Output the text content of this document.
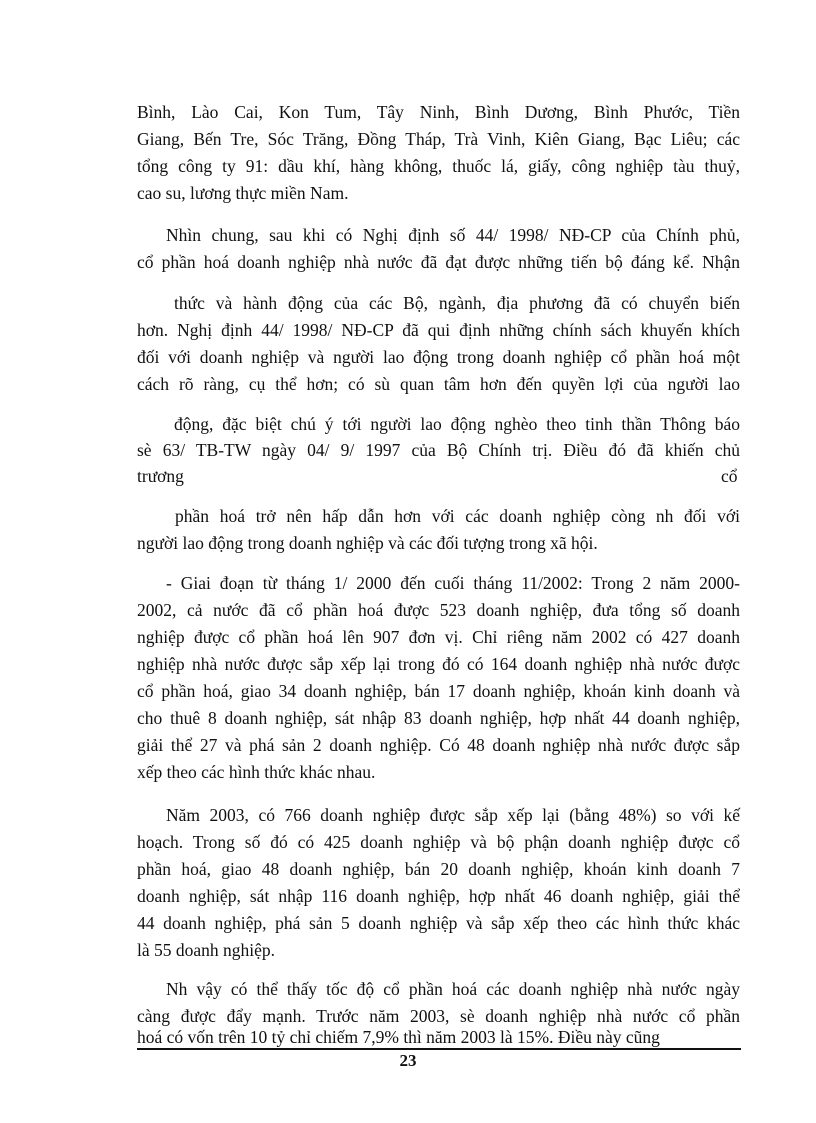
Bình, Lào Cai, Kon Tum, Tây Ninh, Bình Dương, Bình Phước, Tiền
Giang, Bến Tre, Sóc Trăng, Đồng Tháp, Trà Vinh, Kiên Giang, Bạc Liêu; các
tổng công ty 91: dầu khí, hàng không, thuốc lá, giấy, công nghiệp tàu thuỷ,
cao su, lương thực miền Nam.
Nhìn chung, sau khi có Nghị định số 44/ 1998/ NĐ-CP của Chính phủ,
cổ phần hoá doanh nghiệp nhà nước đã đạt được những tiến bộ đáng kể. Nhận
thức và hành động của các Bộ, ngành, địa phương đã có chuyển biến
hơn. Nghị định 44/ 1998/ NĐ-CP đã qui định những chính sách khuyến khích
đối với doanh nghiệp và người lao động trong doanh nghiệp cổ phần hoá một
cách rõ ràng, cụ thể hơn; có sù quan tâm hơn đến quyền lợi của người lao
động, đặc biệt chú ý tới người lao động nghèo theo tinh thần Thông báo
sè 63/ TB-TW ngày 04/ 9/ 1997 của Bộ Chính trị. Điều đó đã khiến chủ
trương	cổ
phần hoá trở nên hấp dẫn hơn với các doanh nghiệp còng nh đối với
người lao động trong doanh nghiệp và các đối tượng trong xã hội.
- Giai đoạn từ tháng 1/ 2000 đến cuối tháng 11/2002: Trong 2 năm 2000-
2002, cả nước đã cổ phần hoá được 523 doanh nghiệp, đưa tổng số doanh
nghiệp được cổ phần hoá lên 907 đơn vị. Chỉ riêng năm 2002 có 427 doanh
nghiệp nhà nước được sắp xếp lại trong đó có 164 doanh nghiệp nhà nước được
cổ phần hoá, giao 34 doanh nghiệp, bán 17 doanh nghiệp, khoán kinh doanh và
cho thuê 8 doanh nghiệp, sát nhập 83 doanh nghiệp, hợp nhất 44 doanh nghiệp,
giải thể 27 và phá sản 2 doanh nghiệp. Có 48 doanh nghiệp nhà nước được sắp
xếp theo các hình thức khác nhau.
Năm 2003, có 766 doanh nghiệp được sắp xếp lại (bằng 48%) so với kế
hoạch. Trong số đó có 425 doanh nghiệp và bộ phận doanh nghiệp được cổ
phần hoá, giao 48 doanh nghiệp, bán 20 doanh nghiệp, khoán kinh doanh 7
doanh nghiệp, sát nhập 116 doanh nghiệp, hợp nhất 46 doanh nghiệp, giải thể
44 doanh nghiệp, phá sản 5 doanh nghiệp và sắp xếp theo các hình thức khác
là 55 doanh nghiệp.
Nh vậy có thể thấy tốc độ cổ phần hoá các doanh nghiệp nhà nước ngày
càng được đẩy mạnh. Trước năm 2003, sè doanh nghiệp nhà nước cổ phần
hoá có vốn trên 10 tỷ chỉ chiếm 7,9% thì năm 2003 là 15%. Điều này cũng
23
